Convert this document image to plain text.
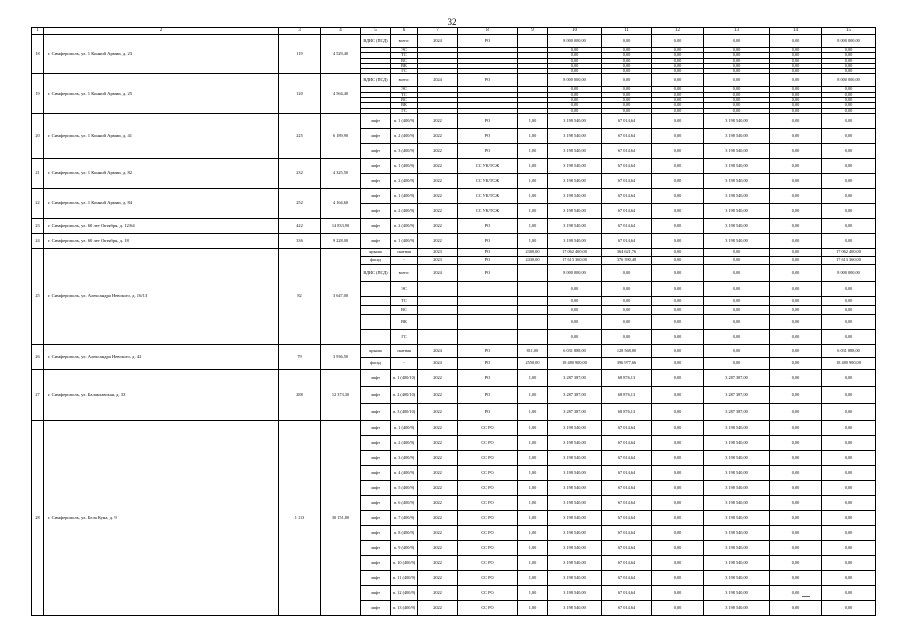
32
1	2	3	4	5	6	7	8	9	10	11	12	13	14	15
18	г. Симферополь, ул. 1 Конной Армии, д. 23	119	4 529,40	ВДИС (ПСД)	всего:	2024	РО		8 000 000,00	0,00	0,00	0,00	0,00	8 000 000,00
					ЭС				0,00	0,00	0,00	0,00	0,00	0,00
					ТС				0,00	0,00	0,00	0,00	0,00	0,00
					ВС				0,00	0,00	0,00	0,00	0,00	0,00
					ВК				0,00	0,00	0,00	0,00	0,00	0,00
					ГС				0,00	0,00	0,00	0,00	0,00	0,00
19	г. Симферополь, ул. 1 Конной Армии, д. 25	120	4 564,40	ВДИС (ПСД)	всего:	2024	РО		8 000 000,00	0,00	0,00	0,00	0,00	8 000 000,00
					ЭС				0,00	0,00	0,00	0,00	0,00	0,00
					ТС				0,00	0,00	0,00	0,00	0,00	0,00
					ВС				0,00	0,00	0,00	0,00	0,00	0,00
					ВК				0,00	0,00	0,00	0,00	0,00	0,00
					ГС				0,00	0,00	0,00	0,00	0,00	0,00
20	г. Симферополь, ул. 1 Конной Армии, д. 41	225	6 189,90	лифт	п. 1 (400/9)	2022	РО	1,00	3 198 540,00	67 014,64	0,00	3 198 540,00	0,00	0,00
				лифт	п. 2 (400/9)	2022	РО	1,00	3 198 540,00	67 014,64	0,00	3 198 540,00	0,00	0,00
				лифт	п. 3 (400/9)	2022	РО	1,00	3 198 540,00	67 014,64	0,00	3 198 540,00	0,00	0,00
21	г. Симферополь, ул. 1 Конной Армии, д. 82	232	4 325,50	лифт	п. 1 (400/9)	2022	СС УК/ТСЖ	1,00	3 198 540,00	67 014,64	0,00	3 198 540,00	0,00	0,00
				лифт	п. 2 (400/9)	2022	СС УК/ТСЖ	1,00	3 198 540,00	67 014,64	0,00	3 198 540,00	0,00	0,00
22	г. Симферополь, ул. 1 Конной Армии, д. 84	252	4 164,60	лифт	п. 1 (400/9)	2022	СС УК/ТСЖ	1,00	3 198 540,00	67 014,64	0,00	3 198 540,00	0,00	0,00
				лифт	п. 2 (400/9)	2022	СС УК/ТСЖ	1,00	3 198 540,00	67 014,64	0,00	3 198 540,00	0,00	0,00
23	г. Симферополь, ул. 60 лет Октября, д. 12/64	422	14 833,90	лифт	п. 2 (400/9)	2022	РО	1,00	3 198 540,00	67 014,64	0,00	3 198 540,00	0,00	0,00
24	г. Симферополь, ул. 60 лет Октября, д. 18	336	9 228,00	лифт	п. 1 (400/9)	2022	РО	1,00	3 198 540,00	67 014,64	0,00	3 198 540,00	0,00	0,00
25	г. Симферополь, ул. Александра Невского, д. 16/13	82	3 647,00	крыша	скатная	2023	РО	2300,00	17 062 400,00	364 621,76	0,00	0,00	0,00	17 062 400,00
				фасад	-	2023	РО	2430,00	17 613 360,00	376 390,48	0,00	0,00	0,00	17 613 360,00
				ВДИС (ПСД)	всего:	2024	РО		8 000 000,00	0,00	0,00	0,00	0,00	8 000 000,00
					ЭС				0,00	0,00	0,00	0,00	0,00	0,00
					ТС				0,00	0,00	0,00	0,00	0,00	0,00
					ВС				0,00	0,00	0,00	0,00	0,00	0,00
					ВК				0,00	0,00	0,00	0,00	0,00	0,00
					ГС				0,00	0,00	0,00	0,00	0,00	0,00
26	г. Симферополь, ул. Александра Невского, д. 42	79	3 936,50	крыша	скатная	2024	РО	811,00	6 031 888,00	128 568,80	0,00	0,00	0,00	6 031 888,00
				фасад	-	2024	РО	2550,00	18 480 900,00	396 977,66	0,00	0,00	0,00	18 480 900,00
27	г. Симферополь, ул. Балаклавская, д. 33	288	12 373,30	лифт	п. 1 (400/10)	2022	РО	1,00	3 287 387,00	68 876,13	0,00	3 287 387,00	0,00	0,00
				лифт	п. 2 (400/10)	2022	РО	1,00	3 287 387,00	68 876,13	0,00	3 287 387,00	0,00	0,00
				лифт	п. 3 (400/10)	2022	РО	1,00	3 287 387,00	68 876,13	0,00	3 287 387,00	0,00	0,00
28	г. Симферополь, ул. Бела Куна, д. 9	1 113	30 151,80	лифт	п. 1 (400/9)	2022	СС РО	1,00	3 198 540,00	67 014,64	0,00	3 198 540,00	0,00	0,00
				лифт	п. 2 (400/9)	2022	СС РО	1,00	3 198 540,00	67 014,64	0,00	3 198 540,00	0,00	0,00
				лифт	п. 3 (400/9)	2022	СС РО	1,00	3 198 540,00	67 014,64	0,00	3 198 540,00	0,00	0,00
				лифт	п. 4 (400/9)	2022	СС РО	1,00	3 198 540,00	67 014,64	0,00	3 198 540,00	0,00	0,00
				лифт	п. 5 (400/9)	2022	СС РО	1,00	3 198 540,00	67 014,64	0,00	3 198 540,00	0,00	0,00
				лифт	п. 6 (400/9)	2022	СС РО	1,00	3 198 540,00	67 014,64	0,00	3 198 540,00	0,00	0,00
				лифт	п. 7 (400/9)	2022	СС РО	1,00	3 198 540,00	67 014,64	0,00	3 198 540,00	0,00	0,00
				лифт	п. 8 (400/9)	2022	СС РО	1,00	3 198 540,00	67 014,64	0,00	3 198 540,00	0,00	0,00
				лифт	п. 9 (400/9)	2022	СС РО	1,00	3 198 540,00	67 014,64	0,00	3 198 540,00	0,00	0,00
				лифт	п. 10 (400/9)	2022	СС РО	1,00	3 198 540,00	67 014,64	0,00	3 198 540,00	0,00	0,00
				лифт	п. 11 (400/9)	2022	СС РО	1,00	3 198 540,00	67 014,64	0,00	3 198 540,00	0,00	0,00
				лифт	п. 12 (400/9)	2022	СС РО	1,00	3 198 540,00	67 014,64	0,00	3 198 540,00	0,00	0,00
				лифт	п. 13 (400/9)	2022	СС РО	1,00	3 198 540,00	67 014,64	0,00	3 198 540,00	0,00	0,00
